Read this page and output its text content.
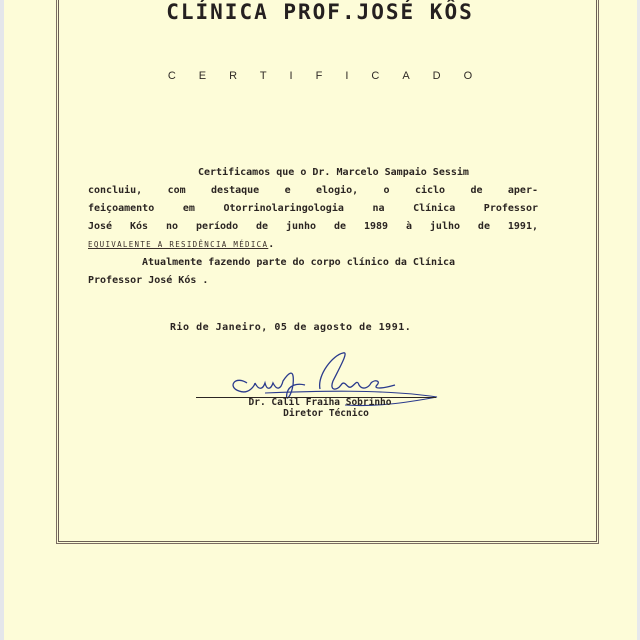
CLÍNICA PROF.JOSÉ KÔS
CERTIFICADO
Certificamos que o Dr. Marcelo Sampaio Sessim
concluiu, com destaque e elogio, o ciclo de aper-
feiçoamento em Otorrinolaringologia na Clínica Professor
José Kós no período de junho de 1989 à julho de 1991,
EQUIVALENTE A RESIDÊNCIA MÉDICA.
Atualmente fazendo parte do corpo clínico da Clínica
Professor José Kós .
Rio de Janeiro, 05 de agosto de 1991.
Dr. Calil Fraiha Sobrinho
Diretor Técnico
